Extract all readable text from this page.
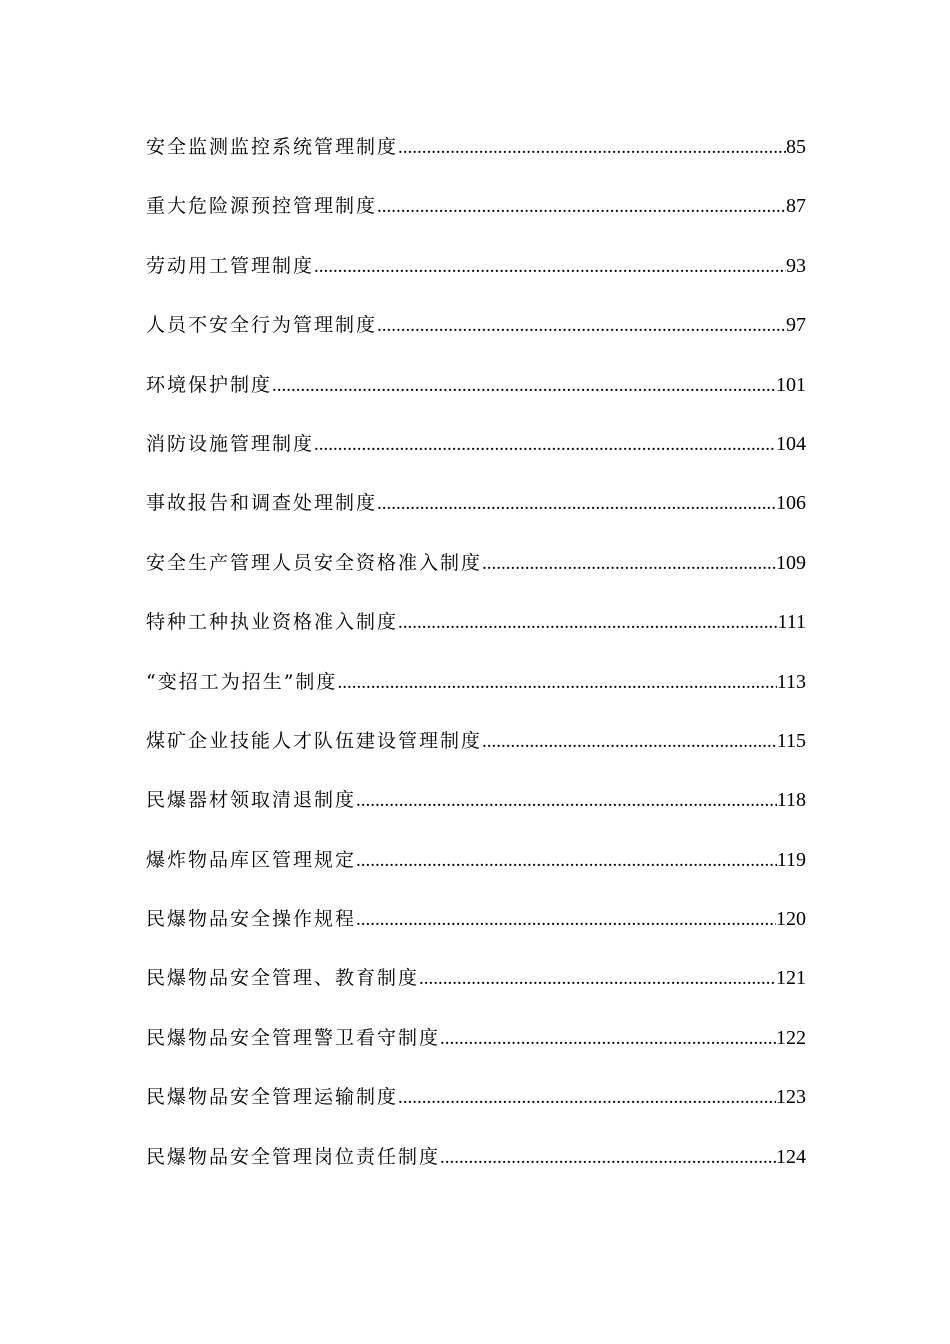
安全监测监控系统管理制度 .....	85
重大危险源预控管理制度 .....	87
劳动用工管理制度 .....	93
人员不安全行为管理制度 .....	97
环境保护制度 .....	101
消防设施管理制度 .....	104
事故报告和调查处理制度 .....	106
安全生产管理人员安全资格准入制度 .....	109
特种工种执业资格准入制度 .....	111
“变招工为招生”制度 .....	113
煤矿企业技能人才队伍建设管理制度 .....	115
民爆器材领取清退制度 .....	118
爆炸物品库区管理规定 .....	119
民爆物品安全操作规程 .....	120
民爆物品安全管理、教育制度 .....	121
民爆物品安全管理警卫看守制度 .....	122
民爆物品安全管理运输制度 .....	123
民爆物品安全管理岗位责任制度 .....	124
